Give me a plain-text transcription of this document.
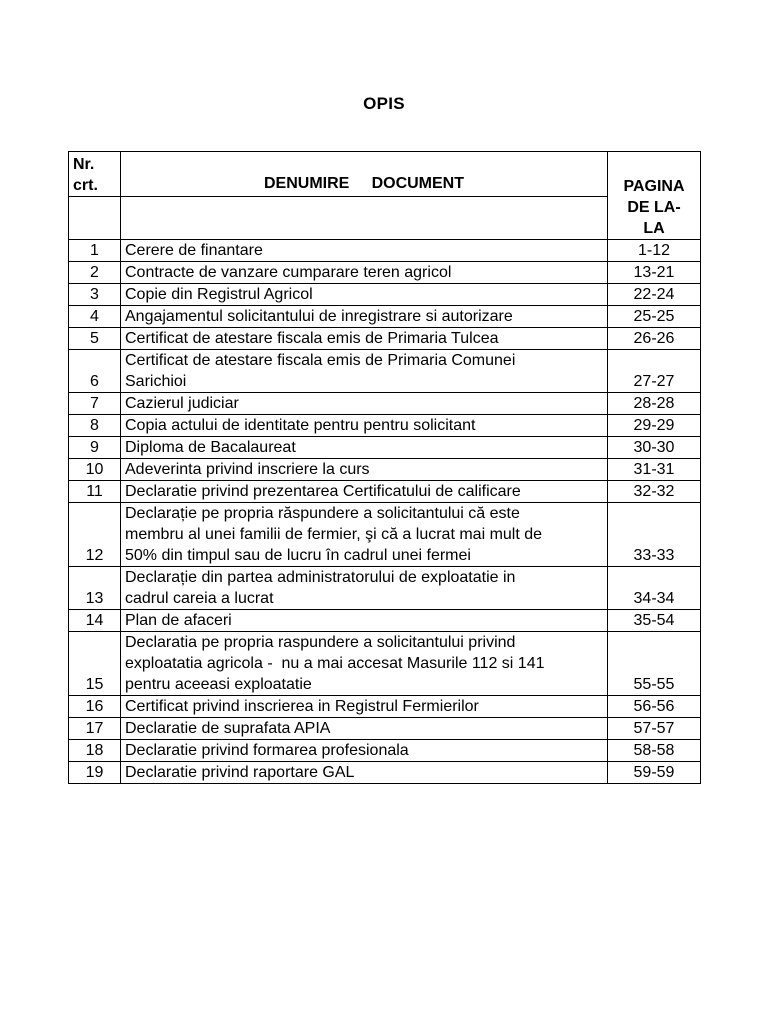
OPIS
Nr.
crt.	DENUMIRE     DOCUMENT	PAGINA

		DE LA-
LA

1	Cerere de finantare	1-12
2	Contracte de vanzare cumparare teren agricol	13-21
3	Copie din Registrul Agricol	22-24
4	Angajamentul solicitantului de inregistrare si autorizare	25-25
5	Certificat de atestare fiscala emis de Primaria Tulcea	26-26
6	Certificat de atestare fiscala emis de Primaria Comunei
Sarichioi	27-27
7	Cazierul judiciar	28-28
8	Copia actului de identitate pentru pentru solicitant	29-29
9	Diploma de Bacalaureat	30-30
10	Adeverinta privind inscriere la curs	31-31
11	Declaratie privind prezentarea Certificatului de calificare	32-32
12	Declarație pe propria răspundere a solicitantului că este
membru al unei familii de fermier, şi că a lucrat mai mult de
50% din timpul sau de lucru în cadrul unei fermei	33-33
13	Declarație din partea administratorului de exploatatie in
cadrul careia a lucrat	34-34
14	Plan de afaceri	35-54
15	Declaratia pe propria raspundere a solicitantului privind
exploatatia agricola -  nu a mai accesat Masurile 112 si 141
pentru aceeasi exploatatie	55-55
16	Certificat privind inscrierea in Registrul Fermierilor	56-56
17	Declaratie de suprafata APIA	57-57
18	Declaratie privind formarea profesionala	58-58
19	Declaratie privind raportare GAL	59-59
